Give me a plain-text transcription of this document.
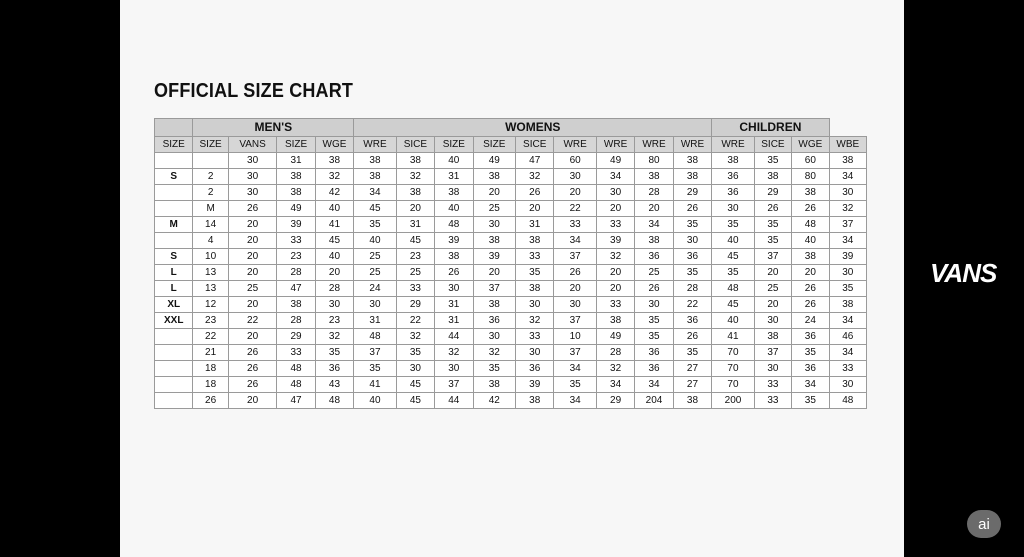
OFFICIAL SIZE CHART
	MEN'S				WOMENS									CHILDREN			
SIZE	SIZE	VANS	SIZE	WGE	WRE	SICE	SIZE	SIZE	SICE	WRE	WRE	WRE	WRE	WRE	SICE	WGE	WBE
		30	31	38	38	38	40	49	47	60	49	80	38	38	35	60	38
S	2	30	38	32	38	32	31	38	32	30	34	38	38	36	38	80	34
	2	30	38	42	34	38	38	20	26	20	30	28	29	36	29	38	30
	M	26	49	40	45	20	40	25	20	22	20	20	26	30	26	26	32
M	14	20	39	41	35	31	48	30	31	33	33	34	35	35	35	48	37
	4	20	33	45	40	45	39	38	38	34	39	38	30	40	35	40	34
S	10	20	23	40	25	23	38	39	33	37	32	36	36	45	37	38	39
L	13	20	28	20	25	25	26	20	35	26	20	25	35	35	20	20	30
L	13	25	47	28	24	33	30	37	38	20	20	26	28	48	25	26	35
XL	12	20	38	30	30	29	31	38	30	30	33	30	22	45	20	26	38
XXL	23	22	28	23	31	22	31	36	32	37	38	35	36	40	30	24	34
	22	20	29	32	48	32	44	30	33	10	49	35	26	41	38	36	46
	21	26	33	35	37	35	32	32	30	37	28	36	35	70	37	35	34
	18	26	48	36	35	30	30	35	36	34	32	36	27	70	30	36	33
	18	26	48	43	41	45	37	38	39	35	34	34	27	70	33	34	30
	26	20	47	48	40	45	44	42	38	34	29	204	38	200	33	35	48
VANS
ai
